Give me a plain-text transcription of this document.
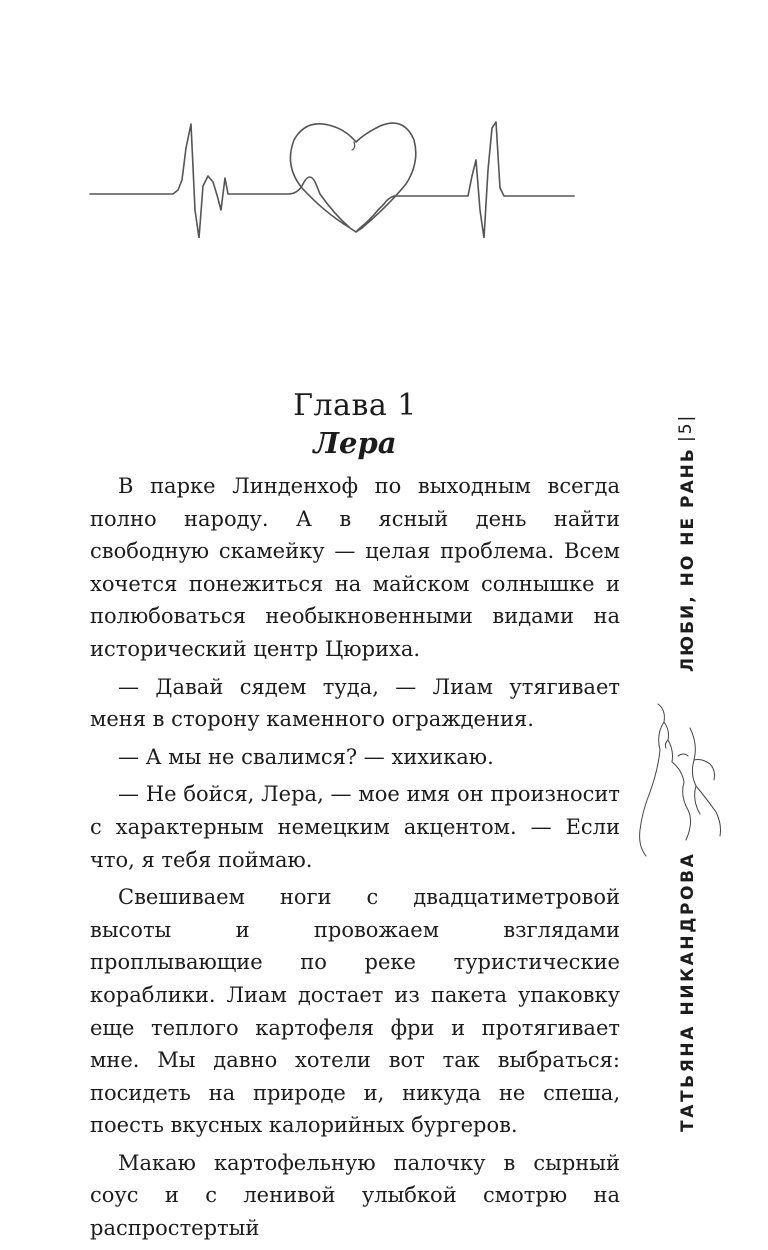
Глава 1
Лера

В парке Линденхоф по выходным всегда полно народу. А в ясный день найти свободную скамейку — целая проблема. Всем хочется понежиться на майском солнышке и полюбоваться необыкновенными видами на исторический центр Цюриха.

— Давай сядем туда, — Лиам утягивает меня в сторону каменного ограждения.

— А мы не свалимся? — хихикаю.

— Не бойся, Лера, — мое имя он произносит с характерным немецким акцентом. — Если что, я тебя поймаю.

Свешиваем ноги с двадцатиметровой высоты и провожаем взглядами проплывающие по реке туристические кораблики. Лиам достает из пакета упаковку еще теплого картофеля фри и протягивает мне. Мы давно хотели вот так выбраться: посидеть на природе и, никуда не спеша, поесть вкусных калорийных бургеров.

Макаю картофельную палочку в сырный соус и с ленивой улыбкой смотрю на распростертый

|5|
ЛЮБИ, НО НЕ РАНЬ
ТАТЬЯНА НИКАНДРОВА
